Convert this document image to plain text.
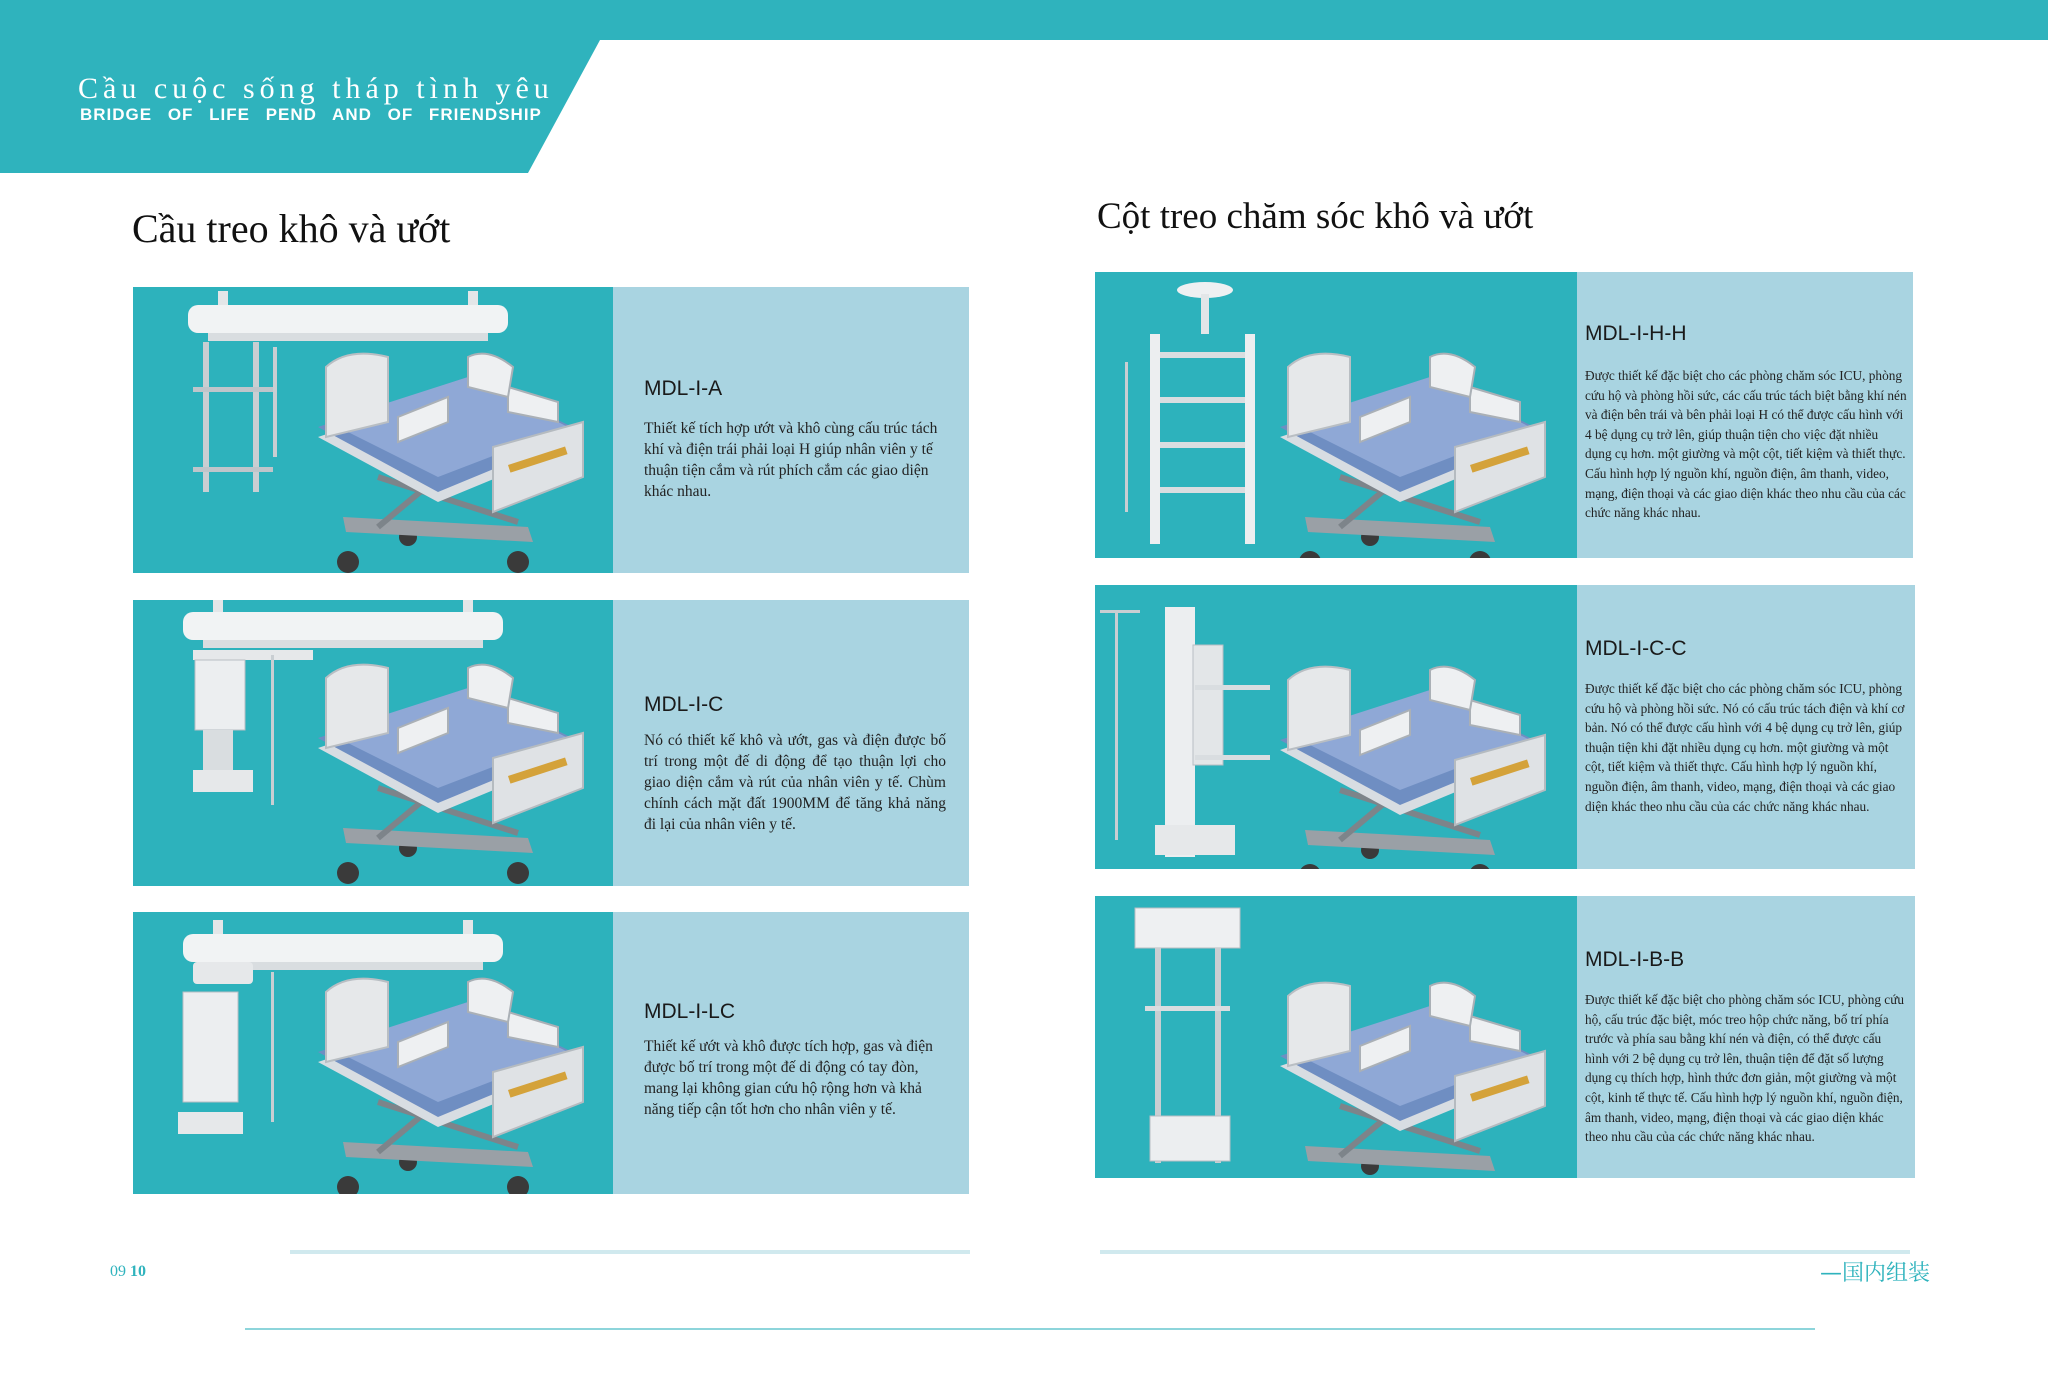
Cầu cuộc sống tháp tình yêu
BRIDGE OF LIFE PEND AND OF FRIENDSHIP
Cầu treo khô và ướt	Cột treo chăm sóc khô và ướt
MDL-I-A
Thiết kế tích hợp ướt và khô cùng cấu trúc tách khí và điện trái phải loại H giúp nhân viên y tế thuận tiện cắm và rút phích cắm các giao diện khác nhau.
MDL-I-C
Nó có thiết kế khô và ướt, gas và điện được bố trí trong một đế di động để tạo thuận lợi cho giao diện cắm và rút của nhân viên y tế. Chùm chính cách mặt đất 1900MM để tăng khả năng đi lại của nhân viên y tế.
MDL-I-LC
Thiết kế ướt và khô được tích hợp, gas và điện được bố trí trong một đế di động có tay đòn, mang lại không gian cứu hộ rộng hơn và khả năng tiếp cận tốt hơn cho nhân viên y tế.
MDL-I-H-H
Được thiết kế đặc biệt cho các phòng chăm sóc ICU, phòng cứu hộ và phòng hồi sức, các cấu trúc tách biệt bằng khí nén và điện bên trái và bên phải loại H có thể được cấu hình với 4 bệ dụng cụ trở lên, giúp thuận tiện cho việc đặt nhiều dụng cụ hơn. một giường và một cột, tiết kiệm và thiết thực. Cấu hình hợp lý nguồn khí, nguồn điện, âm thanh, video, mạng, điện thoại và các giao diện khác theo nhu cầu của các chức năng khác nhau.
MDL-I-C-C
Được thiết kế đặc biệt cho các phòng chăm sóc ICU, phòng cứu hộ và phòng hồi sức. Nó có cấu trúc tách điện và khí cơ bản. Nó có thể được cấu hình với 4 bệ dụng cụ trở lên, giúp thuận tiện khi đặt nhiều dụng cụ hơn. một giường và một cột, tiết kiệm và thiết thực. Cấu hình hợp lý nguồn khí, nguồn điện, âm thanh, video, mạng, điện thoại và các giao diện khác theo nhu cầu của các chức năng khác nhau.
MDL-I-B-B
Được thiết kế đặc biệt cho phòng chăm sóc ICU, phòng cứu hộ, cấu trúc đặc biệt, móc treo hộp chức năng, bố trí phía trước và phía sau bằng khí nén và điện, có thể được cấu hình với 2 bệ dụng cụ trở lên, thuận tiện để đặt số lượng dụng cụ thích hợp, hình thức đơn giản, một giường và một cột, kinh tế thực tế. Cấu hình hợp lý nguồn khí, nguồn điện, âm thanh, video, mạng, điện thoại và các giao diện khác theo nhu cầu của các chức năng khác nhau.
09 10	—国内组装
